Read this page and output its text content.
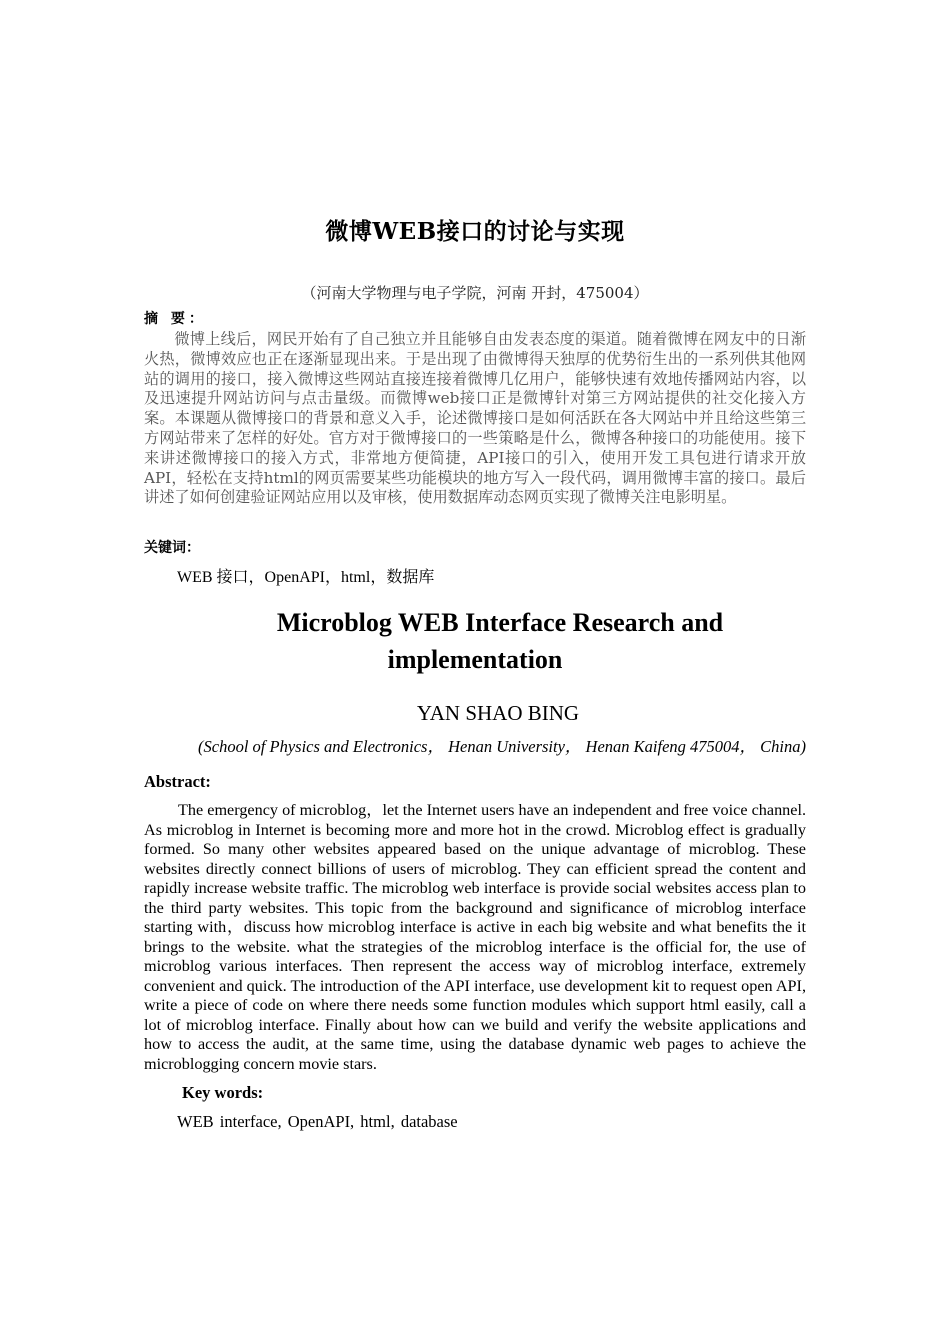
微博WEB接口的讨论与实现
（河南大学物理与电子学院，河南 开封，475004）
摘 要：

微博上线后，网民开始有了自己独立并且能够自由发表态度的渠道。随着微博在网友中的日渐火热，微博效应也正在逐渐显现出来。于是出现了由微博得天独厚的优势衍生出的一系列供其他网站的调用的接口，接入微博这些网站直接连接着微博几亿用户，能够快速有效地传播网站内容，以及迅速提升网站访问与点击量级。而微博web接口正是微博针对第三方网站提供的社交化接入方案。本课题从微博接口的背景和意义入手，论述微博接口是如何活跃在各大网站中并且给这些第三方网站带来了怎样的好处。官方对于微博接口的一些策略是什么，微博各种接口的功能使用。接下来讲述微博接口的接入方式，非常地方便简捷，API接口的引入，使用开发工具包进行请求开放API，轻松在支持html的网页需要某些功能模块的地方写入一段代码，调用微博丰富的接口。最后讲述了如何创建验证网站应用以及审核，使用数据库动态网页实现了微博关注电影明星。

关键词：
WEB 接口，OpenAPI，html，数据库
Microblog WEB Interface Research and
implementation
YAN SHAO BING
(School of Physics and Electronics， Henan University， Henan Kaifeng 475004， China)
Abstract:

The emergency of microblog，let the Internet users have an independent and free voice channel. As microblog in Internet is becoming more and more hot in the crowd. Microblog effect is gradually formed. So many other websites appeared based on the unique advantage of microblog. These websites directly connect billions of users of microblog. They can efficient spread the content and rapidly increase website traffic. The microblog web interface is provide social websites access plan to the third party websites. This topic from the background and significance of microblog interface starting with，discuss how microblog interface is active in each big website and what benefits the it brings to the website. what the strategies of the microblog interface is the official for, the use of microblog various interfaces. Then represent the access way of microblog interface, extremely convenient and quick. The introduction of the API interface, use development kit to request open API, write a piece of code on where there needs some function modules which support html easily, call a lot of microblog interface. Finally about how can we build and verify the website applications and how to access the audit, at the same time, using the database dynamic web pages to achieve the microblogging concern movie stars.

Key words:
WEB interface, OpenAPI, html, database
